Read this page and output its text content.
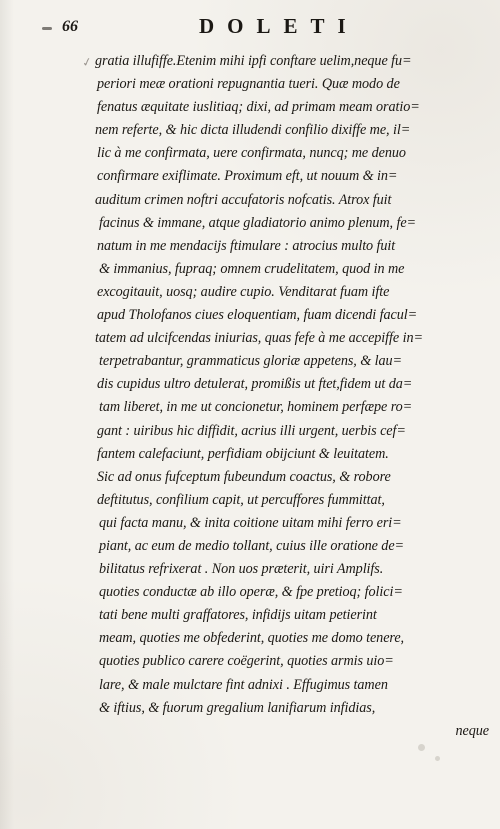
66	DOLETI
✓ gratia illufiffe.Etenim mihi ipfi conftare uelim,neque fu=
periori meæ orationi repugnantia tueri. Quæ modo de
fenatus æquitate iuslitiaq; dixi, ad primam meam oratio=
nem referte, & hic dicta illudendi confilio dixiffe me, il=
lic à me confirmata, uere confirmata, nuncq; me denuo
confirmare exiflimate. Proximum eft, ut nouum & in=
auditum crimen noftri accufatoris nofcatis. Atrox fuit
facinus & immane, atque gladiatorio animo plenum, fe=
natum in me mendacijs ftimulare : atrocius multo fuit
& immanius, fupraq; omnem crudelitatem, quod in me
excogitauit, uosq; audire cupio. Venditarat fuam ifte
apud Tholofanos ciues eloquentiam, fuam dicendi facul=
tatem ad ulcifcendas iniurias, quas fefe à me accepiffe in=
terpetrabantur, grammaticus gloriæ appetens, & lau=
dis cupidus ultro detulerat, promißis ut ftet,fidem ut da=
tam liberet, in me ut concionetur, hominem perfæpe ro=
gant : uiribus hic diffidit, acrius illi urgent, uerbis cef=
fantem calefaciunt, perfidiam obijciunt & leuitatem.
Sic ad onus fufceptum fubeundum coactus, & robore
deftitutus, confilium capit, ut percuffores fummittat,
qui facta manu, & inita coitione uitam mihi ferro eri=
piant, ac eum de medio tollant, cuius ille oratione de=
bilitatus refrixerat . Non uos præterit, uiri Amplifs.
quoties conductæ ab illo operæ, & fpe pretioq; folici=
tati bene multi graffatores, infidijs uitam petierint
meam, quoties me obfederint, quoties me domo tenere,
quoties publico carere coëgerint, quoties armis uio=
lare, & male mulctare fint adnixi . Effugimus tamen
& iftius, & fuorum gregalium lanifiarum infidias,
neque
